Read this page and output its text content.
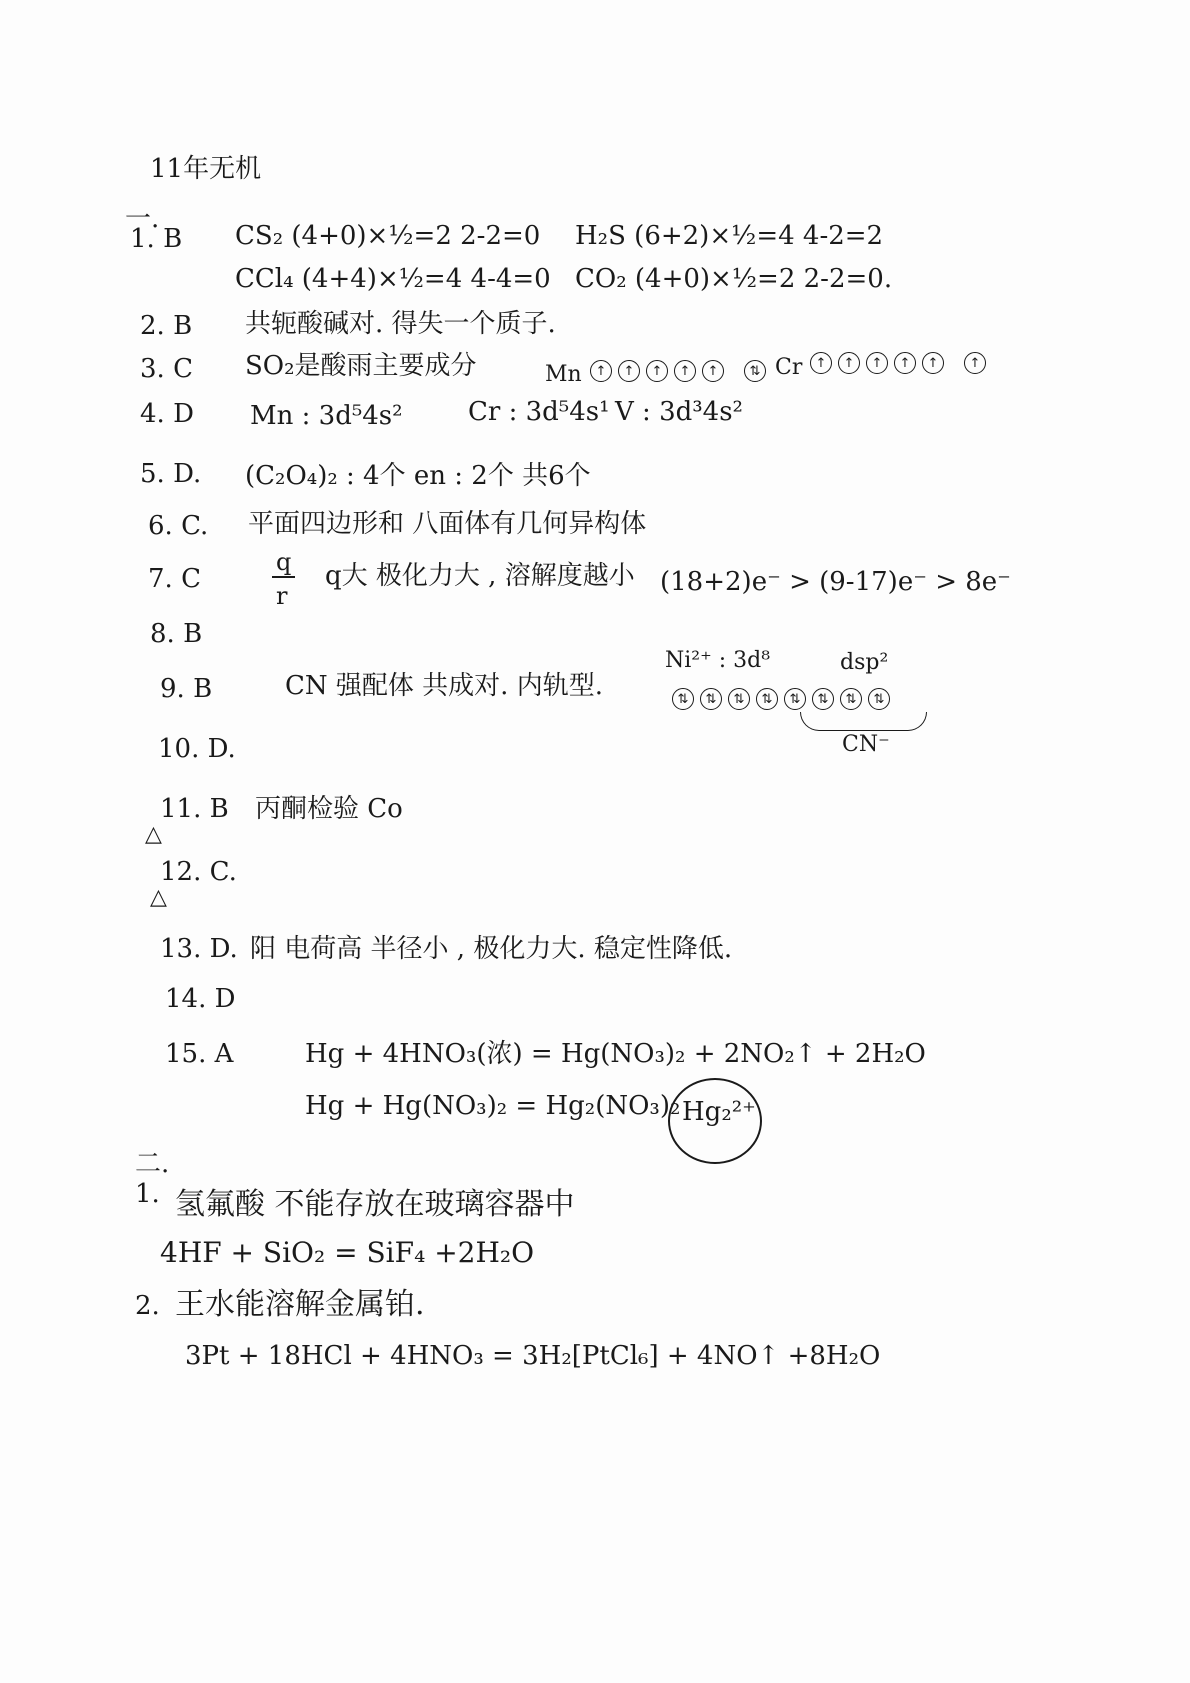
11年无机
一.
1. B CS₂ (4+0)×½=2 2-2=0 H₂S (6+2)×½=4 4-2=2
CCl₄ (4+4)×½=4 4-4=0 CO₂ (4+0)×½=2 2-2=0.
2. B 共轭酸碱对. 得失一个质子.
3. C SO₂是酸雨主要成分	Mn	↑	↑	↑	↑	↑	⇅ Cr	↑	↑	↑	↑	↑	↑
4. D Mn : 3d⁵4s²	Cr : 3d⁵4s¹ V : 3d³4s²
5. D. (C₂O₄)₂ : 4个 en : 2个 共6个
6. C. 平面四边形和 八面体有几何异构体
7. C
q
r
q大 极化力大 , 溶解度越小 (18+2)e⁻ > (9-17)e⁻ > 8e⁻
8. B
9. B	CN 强配体 共成对. 内轨型.
Ni²⁺ : 3d⁸	dsp²
⇅	⇅	⇅	⇅	⇅	⇅	⇅	⇅
CN⁻
10. D.
11. B 丙酮检验 Co
△
12. C.
△
13. D. 阳 电荷高 半径小 , 极化力大. 稳定性降低.
14. D
15. A	Hg + 4HNO₃(浓) = Hg(NO₃)₂ + 2NO₂↑ + 2H₂O
Hg + Hg(NO₃)₂ = Hg₂(NO₃)₂ Hg₂²⁺
二.
1. 氢氟酸 不能存放在玻璃容器中
4HF + SiO₂ = SiF₄ +2H₂O
2. 王水能溶解金属铂.
3Pt + 18HCl + 4HNO₃ = 3H₂[PtCl₆] + 4NO↑ +8H₂O
